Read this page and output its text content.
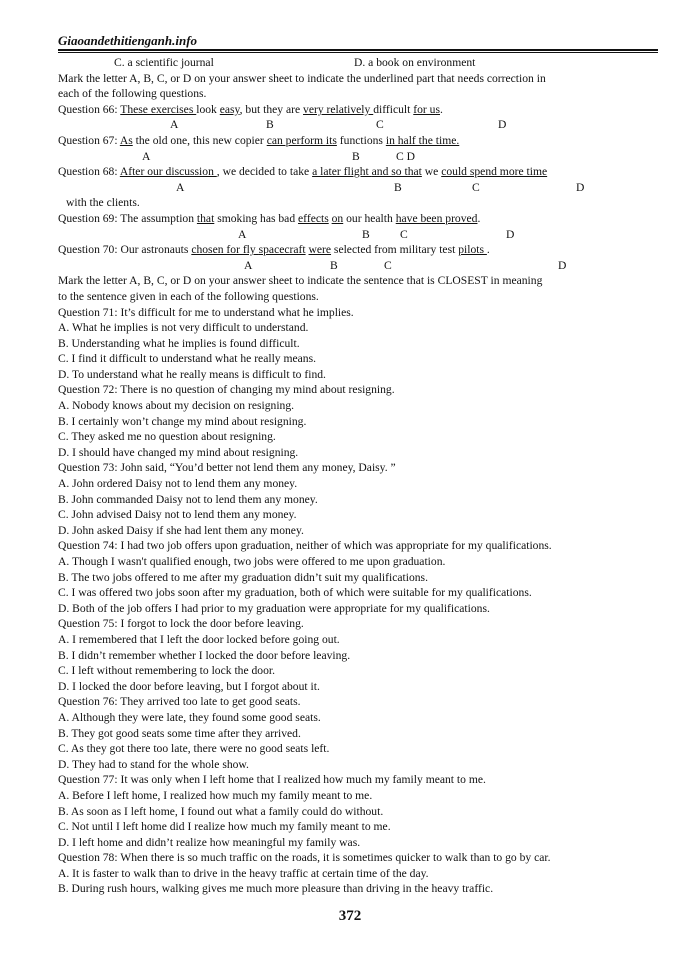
Giaoandethitienganh.info
C. a scientific journal	D. a book on environment
Mark the letter A, B, C, or D on your answer sheet to indicate the underlined part that needs correction in
each of the following questions.
Question 66: These exercises look easy, but they are very relatively difficult for us.
A	B	C	D
Question 67: As the old one, this new copier can perform its functions in half the time.
A	B	C D
Question 68: After our discussion , we decided to take a later flight and so that we could spend more time
A	B	C	D
with the clients.
Question 69: The assumption that smoking has bad effects on our health have been proved.
A	B	C	D
Question 70: Our astronauts chosen for fly spacecraft were selected from military test pilots .
A	B	C	D
Mark the letter A, B, C, or D on your answer sheet to indicate the sentence that is CLOSEST in meaning
to the sentence given in each of the following questions.
Question 71: It’s difficult for me to understand what he implies.
A. What he implies is not very difficult to understand.
B. Understanding what he implies is found difficult.
C. I find it difficult to understand what he really means.
D. To understand what he really means is difficult to find.
Question 72: There is no question of changing my mind about resigning.
A. Nobody knows about my decision on resigning.
B. I certainly won’t change my mind about resigning.
C. They asked me no question about resigning.
D. I should have changed my mind about resigning.
Question 73: John said, “You’d better not lend them any money, Daisy. ”
A. John ordered Daisy not to lend them any money.
B. John commanded Daisy not to lend them any money.
C. John advised Daisy not to lend them any money.
D. John asked Daisy if she had lent them any money.
Question 74: I had two job offers upon graduation, neither of which was appropriate for my qualifications.
A. Though I wasn't qualified enough, two jobs were offered to me upon graduation.
B. The two jobs offered to me after my graduation didn’t suit my qualifications.
C. I was offered two jobs soon after my graduation, both of which were suitable for my qualifications.
D. Both of the job offers I had prior to my graduation were appropriate for my qualifications.
Question 75: I forgot to lock the door before leaving.
A. I remembered that I left the door locked before going out.
B. I didn’t remember whether I locked the door before leaving.
C. I left without remembering to lock the door.
D. I locked the door before leaving, but I forgot about it.
Question 76: They arrived too late to get good seats.
A. Although they were late, they found some good seats.
B. They got good seats some time after they arrived.
C. As they got there too late, there were no good seats left.
D. They had to stand for the whole show.
Question 77: It was only when I left home that I realized how much my family meant to me.
A. Before I left home, I realized how much my family meant to me.
B. As soon as I left home, I found out what a family could do without.
C. Not until I left home did I realize how much my family meant to me.
D. I left home and didn’t realize how meaningful my family was.
Question 78: When there is so much traffic on the roads, it is sometimes quicker to walk than to go by car.
A. It is faster to walk than to drive in the heavy traffic at certain time of the day.
B. During rush hours, walking gives me much more pleasure than driving in the heavy traffic.
372
